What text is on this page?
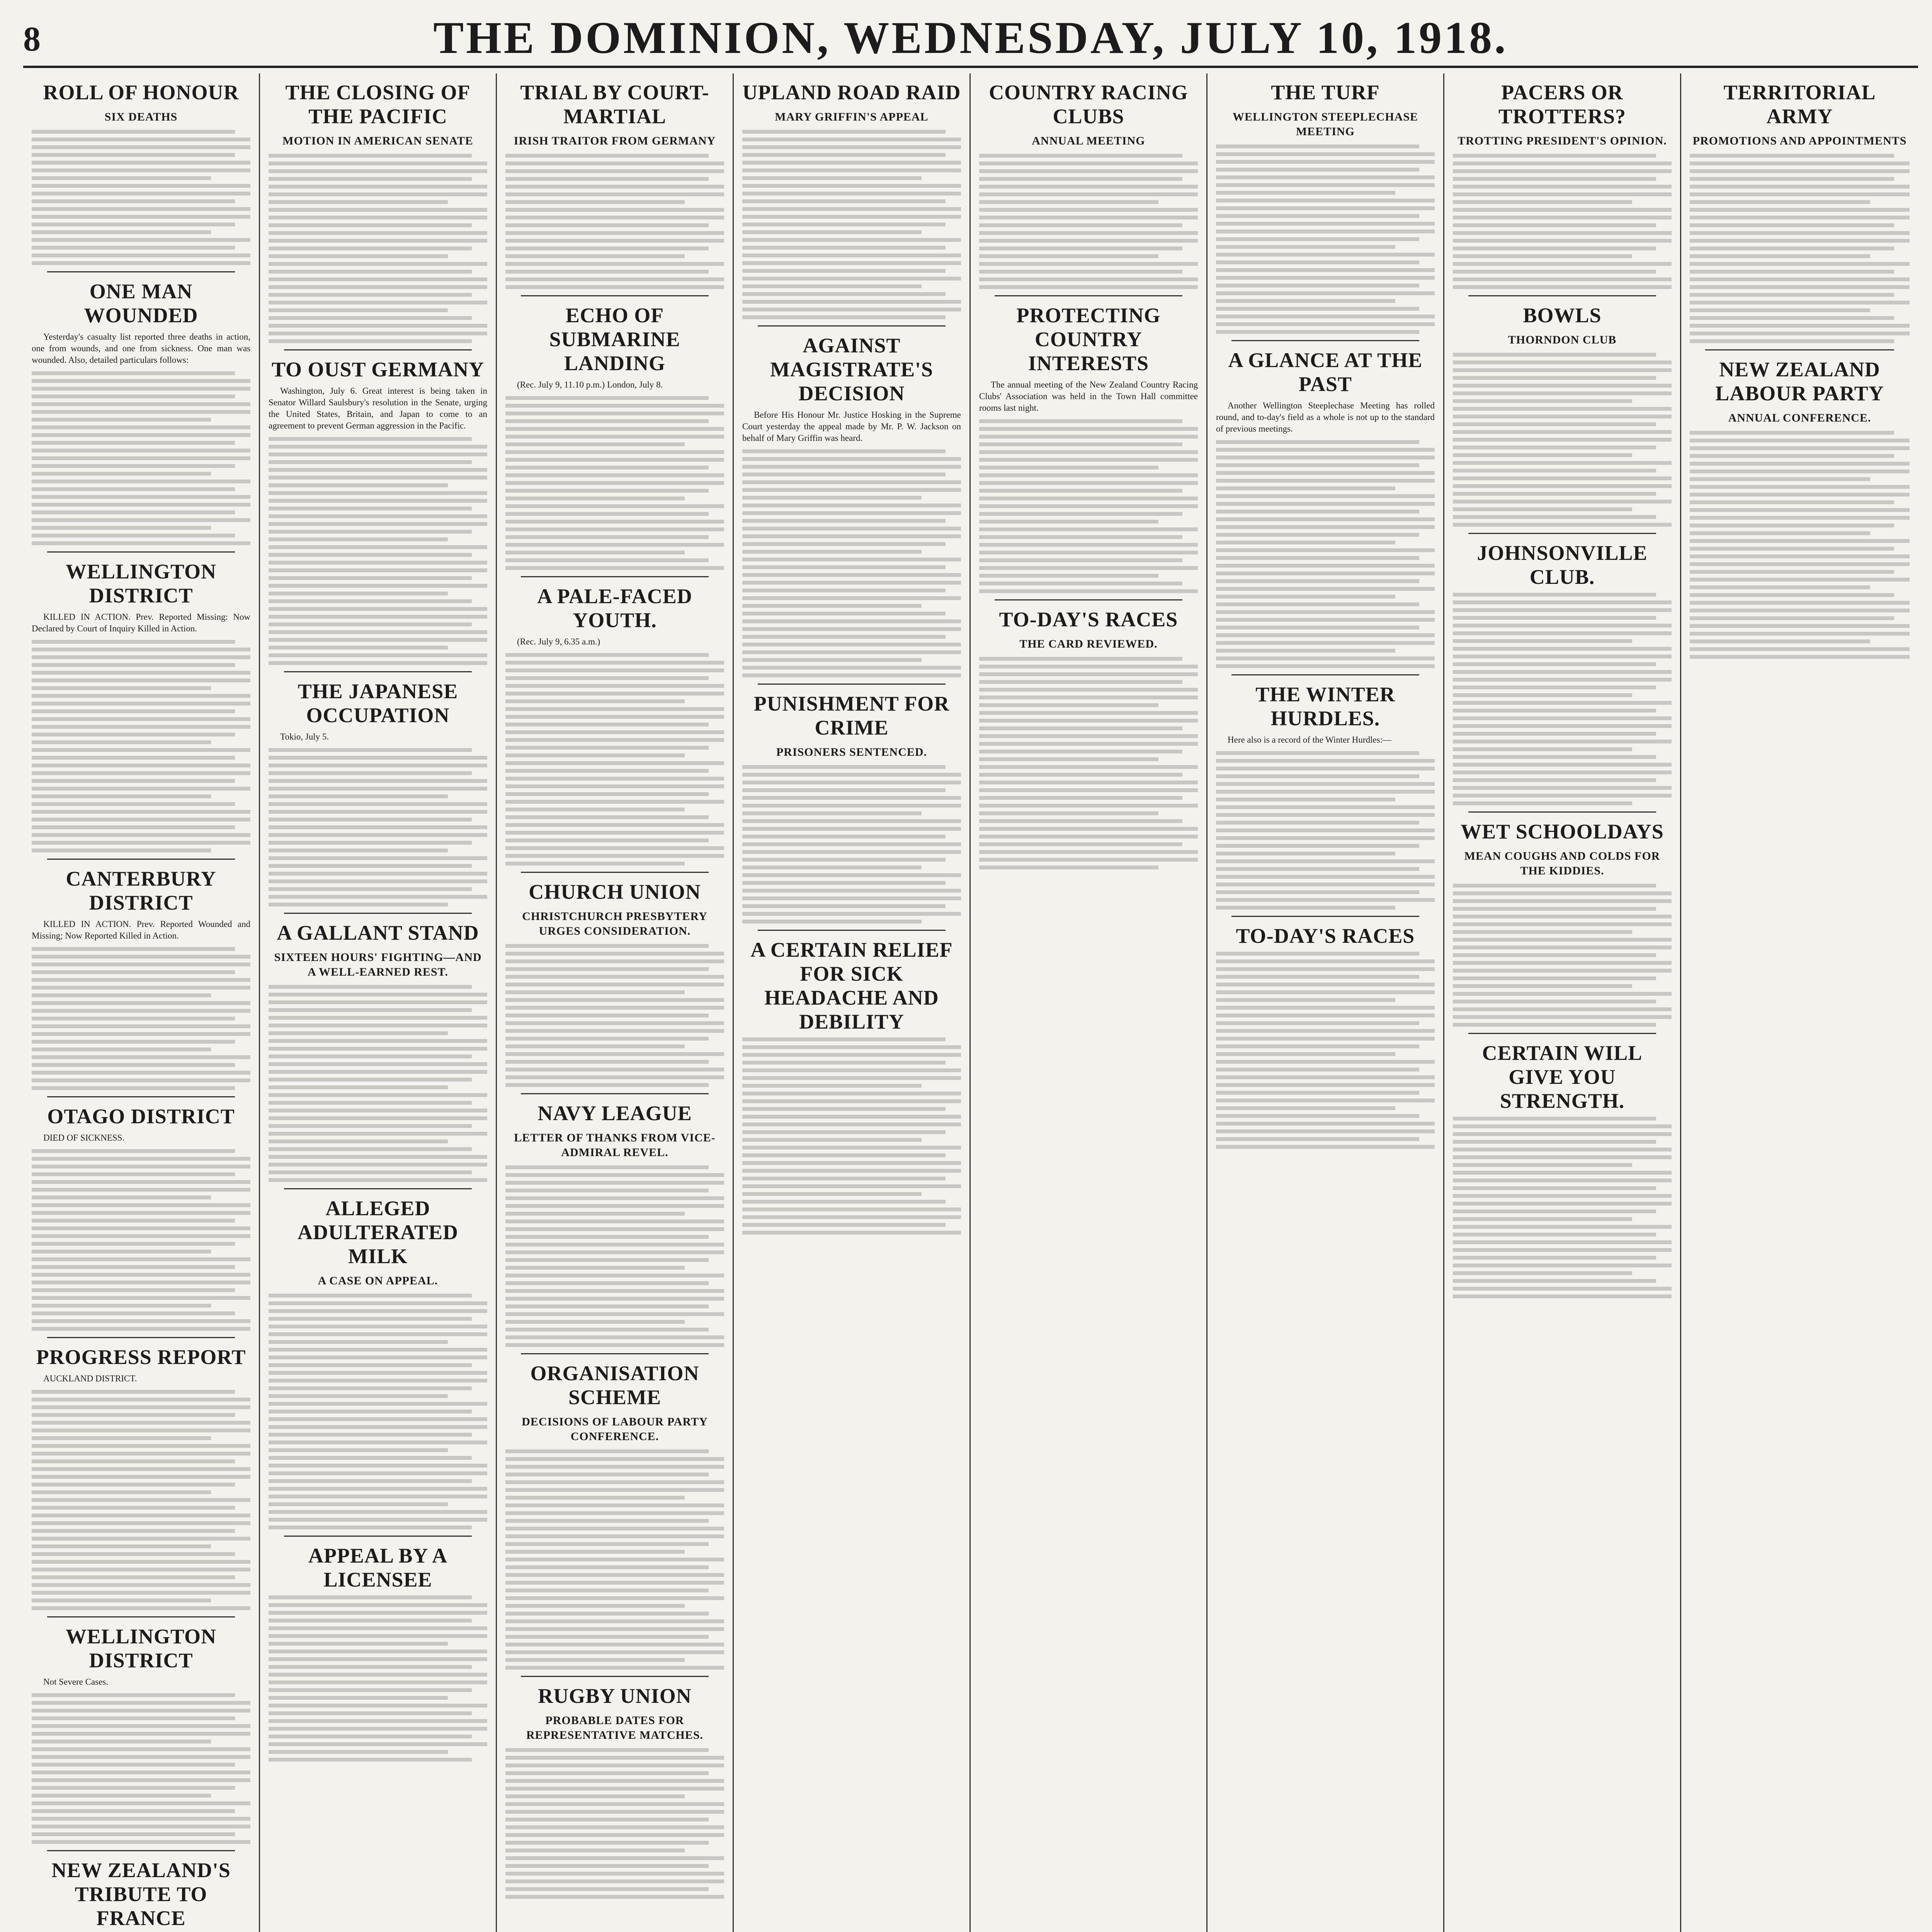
8	THE DOMINION, WEDNESDAY, JULY 10, 1918.
ROLL OF HONOUR
SIX DEATHS
ONE MAN WOUNDED
Yesterday's casualty list reported three deaths in action, one from wounds, and one from sickness. One man was wounded. Also, detailed particulars follows:
WELLINGTON DISTRICT
KILLED IN ACTION. Prev. Reported Missing: Now Declared by Court of Inquiry Killed in Action.
CANTERBURY DISTRICT
KILLED IN ACTION. Prev. Reported Wounded and Missing; Now Reported Killed in Action.
OTAGO DISTRICT
DIED OF SICKNESS.
PROGRESS REPORT
AUCKLAND DISTRICT.
WELLINGTON DISTRICT
Not Severe Cases.
NEW ZEALAND'S TRIBUTE TO FRANCE
THE CLOSING OF THE PACIFIC
MOTION IN AMERICAN SENATE
TO OUST GERMANY
Washington, July 6. Great interest is being taken in Senator Willard Saulsbury's resolution in the Senate, urging the United States, Britain, and Japan to come to an agreement to prevent German aggression in the Pacific.
THE JAPANESE OCCUPATION
Tokio, July 5.
A GALLANT STAND
SIXTEEN HOURS' FIGHTING—AND A WELL-EARNED REST.
ALLEGED ADULTERATED MILK
A CASE ON APPEAL.
APPEAL BY A LICENSEE
TRIAL BY COURT-MARTIAL
IRISH TRAITOR FROM GERMANY
ECHO OF SUBMARINE LANDING
(Rec. July 9, 11.10 p.m.) London, July 8.
A PALE-FACED YOUTH.
(Rec. July 9, 6.35 a.m.)
CHURCH UNION
CHRISTCHURCH PRESBYTERY URGES CONSIDERATION.
NAVY LEAGUE
LETTER OF THANKS FROM VICE-ADMIRAL REVEL.
ORGANISATION SCHEME
DECISIONS OF LABOUR PARTY CONFERENCE.
RUGBY UNION
PROBABLE DATES FOR REPRESENTATIVE MATCHES.
UPLAND ROAD RAID
MARY GRIFFIN'S APPEAL
AGAINST MAGISTRATE'S DECISION
Before His Honour Mr. Justice Hosking in the Supreme Court yesterday the appeal made by Mr. P. W. Jackson on behalf of Mary Griffin was heard.
PUNISHMENT FOR CRIME
PRISONERS SENTENCED.
A CERTAIN RELIEF FOR SICK HEADACHE AND DEBILITY
COUNTRY RACING CLUBS
ANNUAL MEETING
PROTECTING COUNTRY INTERESTS
The annual meeting of the New Zealand Country Racing Clubs' Association was held in the Town Hall committee rooms last night.
TO-DAY'S RACES
THE CARD REVIEWED.
THE TURF
WELLINGTON STEEPLECHASE MEETING
A GLANCE AT THE PAST
Another Wellington Steeplechase Meeting has rolled round, and to-day's field as a whole is not up to the standard of previous meetings.
THE WINTER HURDLES.
Here also is a record of the Winter Hurdles:—
TO-DAY'S RACES
PACERS OR TROTTERS?
TROTTING PRESIDENT'S OPINION.
BOWLS
THORNDON CLUB
JOHNSONVILLE CLUB.
WET SCHOOLDAYS
MEAN COUGHS AND COLDS FOR THE KIDDIES.
CERTAIN WILL GIVE YOU STRENGTH.
TERRITORIAL ARMY
PROMOTIONS AND APPOINTMENTS
NEW ZEALAND LABOUR PARTY
ANNUAL CONFERENCE.
